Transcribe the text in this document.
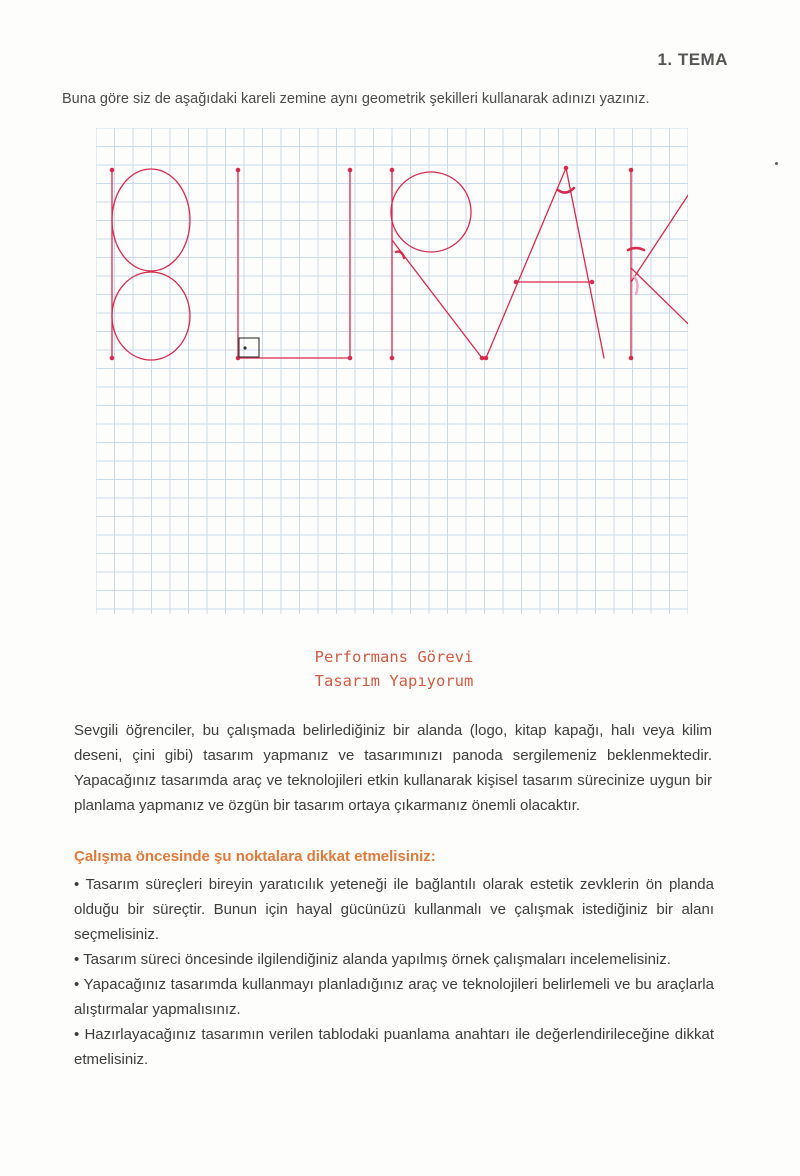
1. TEMA
Buna göre siz de aşağıdaki kareli zemine aynı geometrik şekilleri kullanarak adınızı yazınız.
Performans Görevi
Tasarım Yapıyorum
Sevgili öğrenciler, bu çalışmada belirlediğiniz bir alanda (logo, kitap kapağı, halı veya kilim deseni, çini gibi) tasarım yapmanız ve tasarımınızı panoda sergilemeniz beklenmektedir. Yapacağınız tasarımda araç ve teknolojileri etkin kullanarak kişisel tasarım sürecinize uygun bir planlama yapmanız ve özgün bir tasarım ortaya çıkarmanız önemli olacaktır.
Çalışma öncesinde şu noktalara dikkat etmelisiniz:
• Tasarım süreçleri bireyin yaratıcılık yeteneği ile bağlantılı olarak estetik zevklerin ön planda olduğu bir süreçtir. Bunun için hayal gücünüzü kullanmalı ve çalışmak istediğiniz bir alanı seçmelisiniz.
• Tasarım süreci öncesinde ilgilendiğiniz alanda yapılmış örnek çalışmaları incelemelisiniz.
• Yapacağınız tasarımda kullanmayı planladığınız araç ve teknolojileri belirlemeli ve bu araçlarla alıştırmalar yapmalısınız.
• Hazırlayacağınız tasarımın verilen tablodaki puanlama anahtarı ile değerlendirileceğine dikkat etmelisiniz.
